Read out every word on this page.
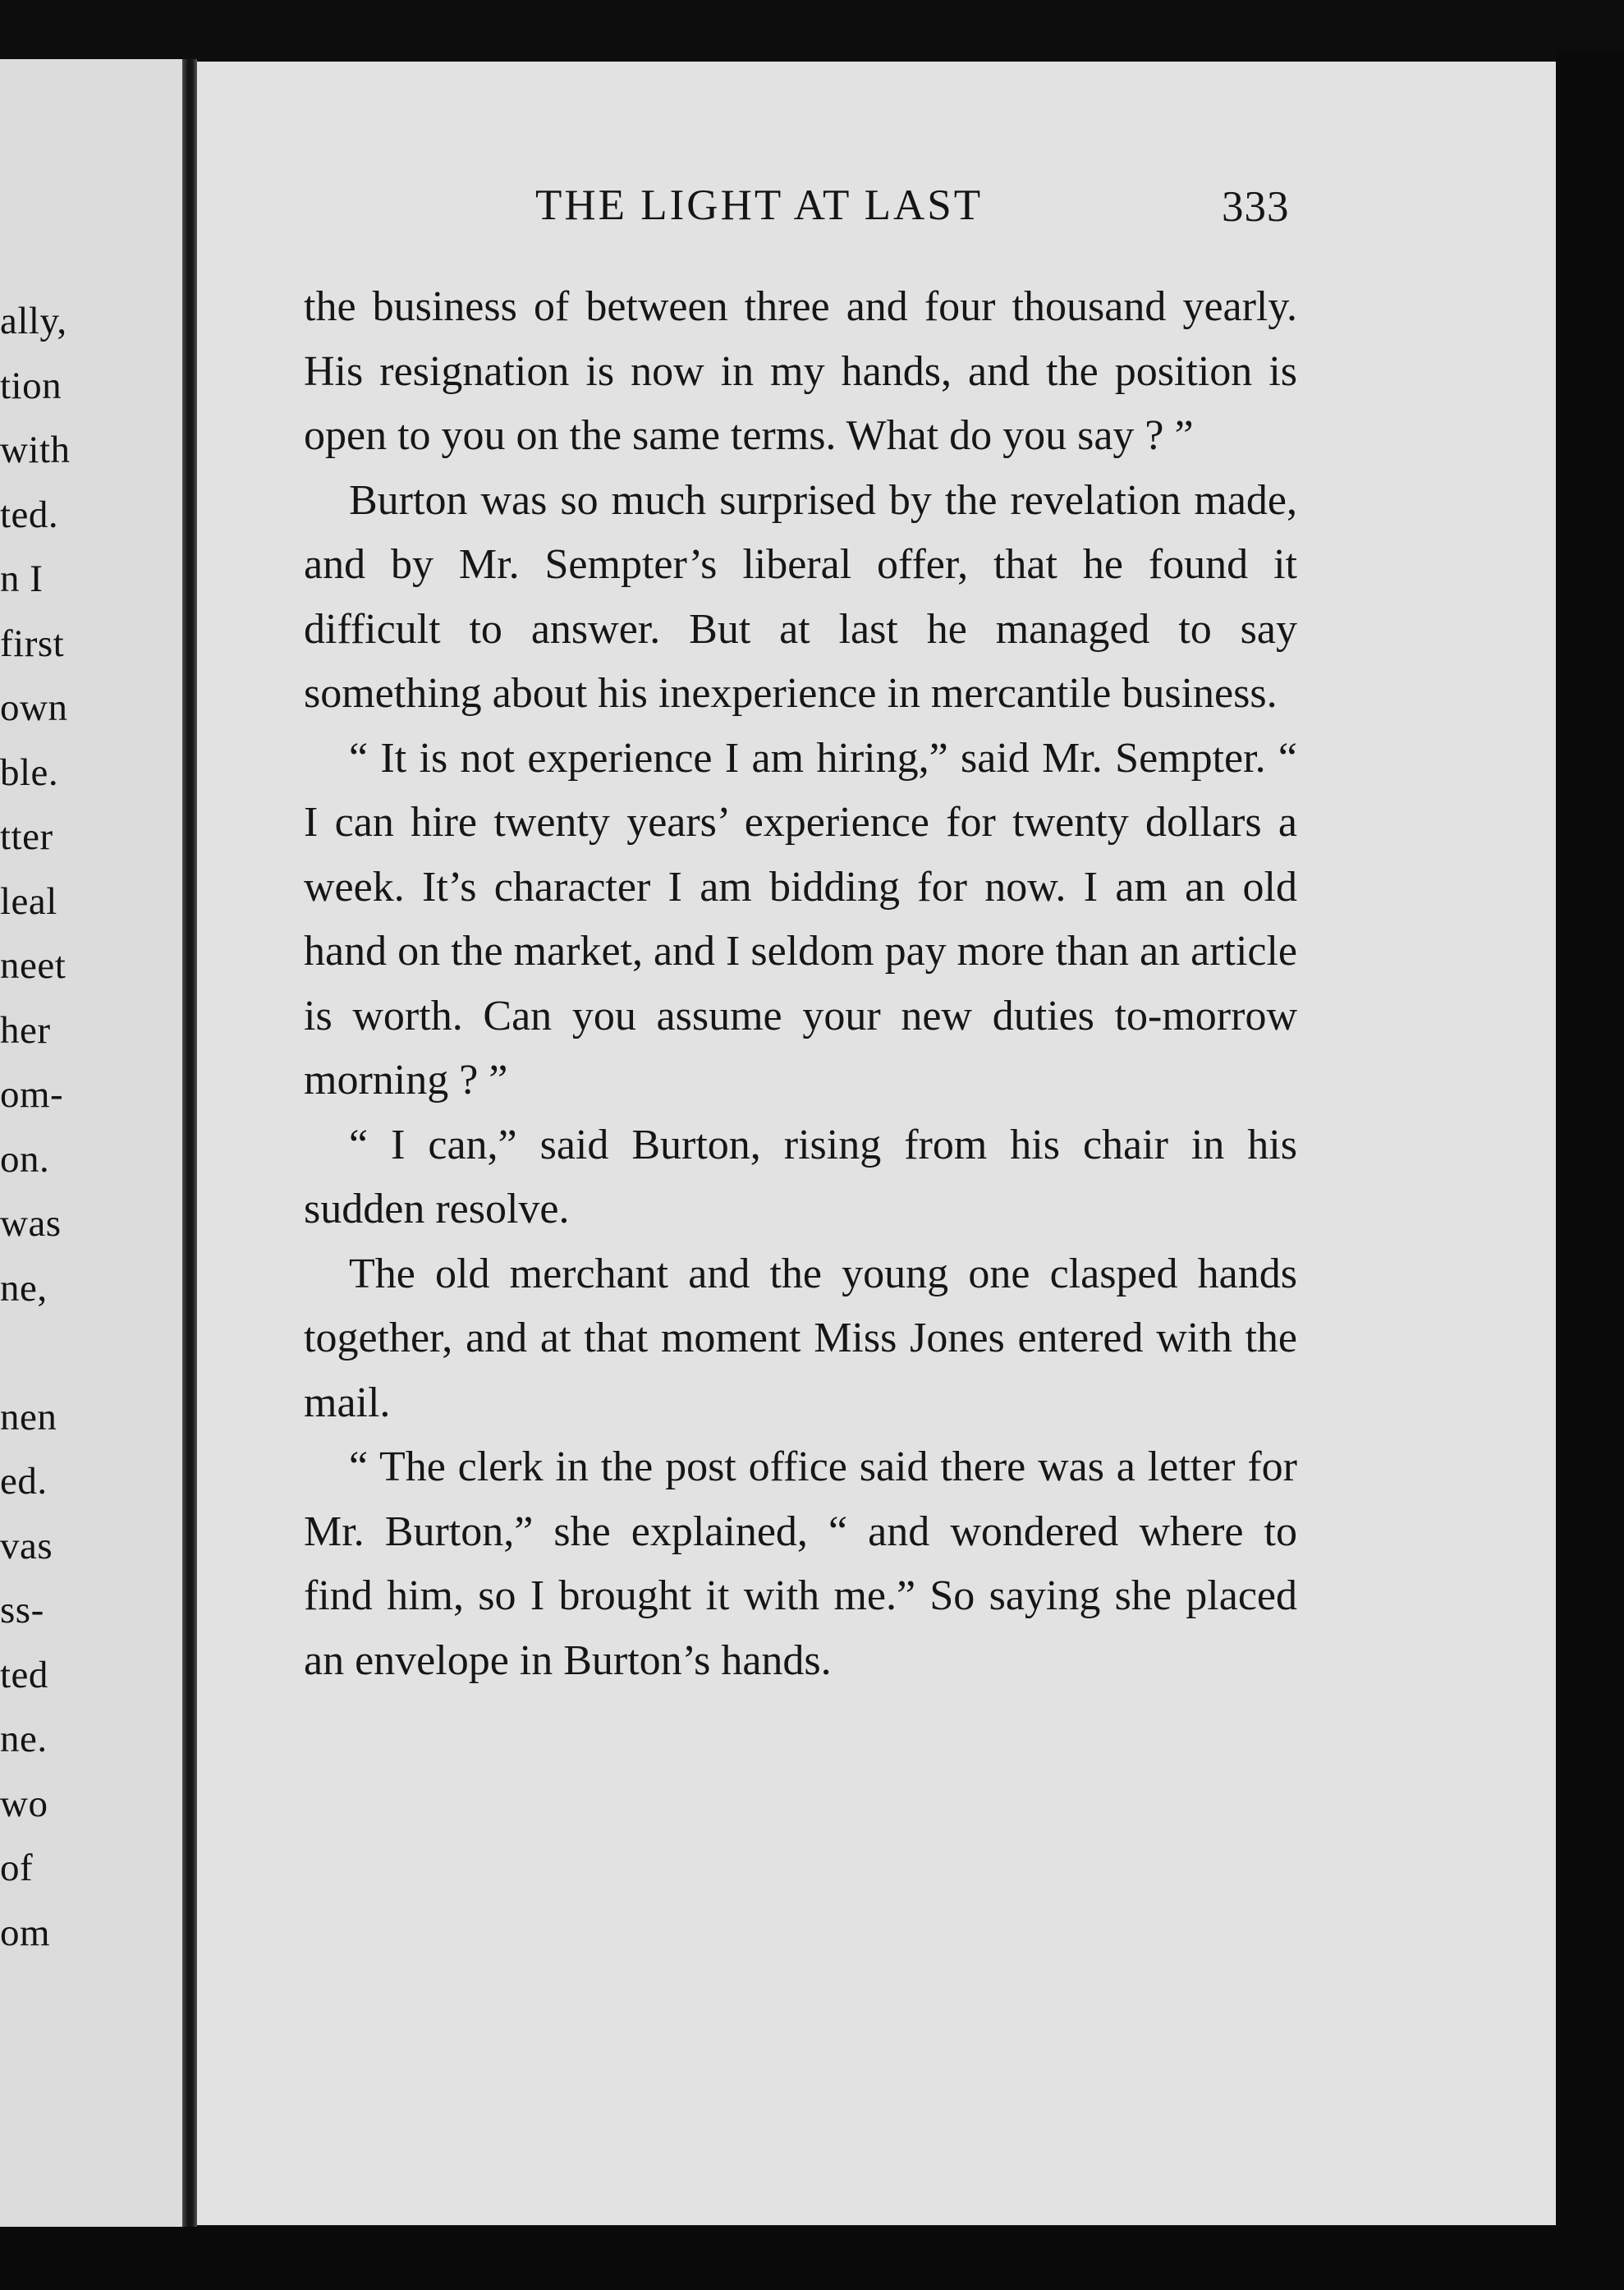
ally,

tion

with

ted.

n I

first

own

ble.

tter

leal

neet

her

om-

on.

was

ne,

nen

ed.

vas

ss-

ted

ne.

wo

of

om

THE LIGHT AT LAST	333

the business of between three and four thousand yearly. His resignation is now in my hands, and the position is open to you on the same terms. What do you say ? ”

Burton was so much surprised by the revelation made, and by Mr. Sempter’s liberal offer, that he found it difficult to answer. But at last he managed to say something about his inexperience in mercantile business.

“ It is not experience I am hiring,” said Mr. Sempter. “ I can hire twenty years’ experience for twenty dollars a week. It’s character I am bidding for now. I am an old hand on the market, and I seldom pay more than an article is worth. Can you assume your new duties to-morrow morning ? ”

“ I can,” said Burton, rising from his chair in his sudden resolve.

The old merchant and the young one clasped hands together, and at that moment Miss Jones entered with the mail.

“ The clerk in the post office said there was a letter for Mr. Burton,” she explained, “ and wondered where to find him, so I brought it with me.” So saying she placed an envelope in Burton’s hands.
